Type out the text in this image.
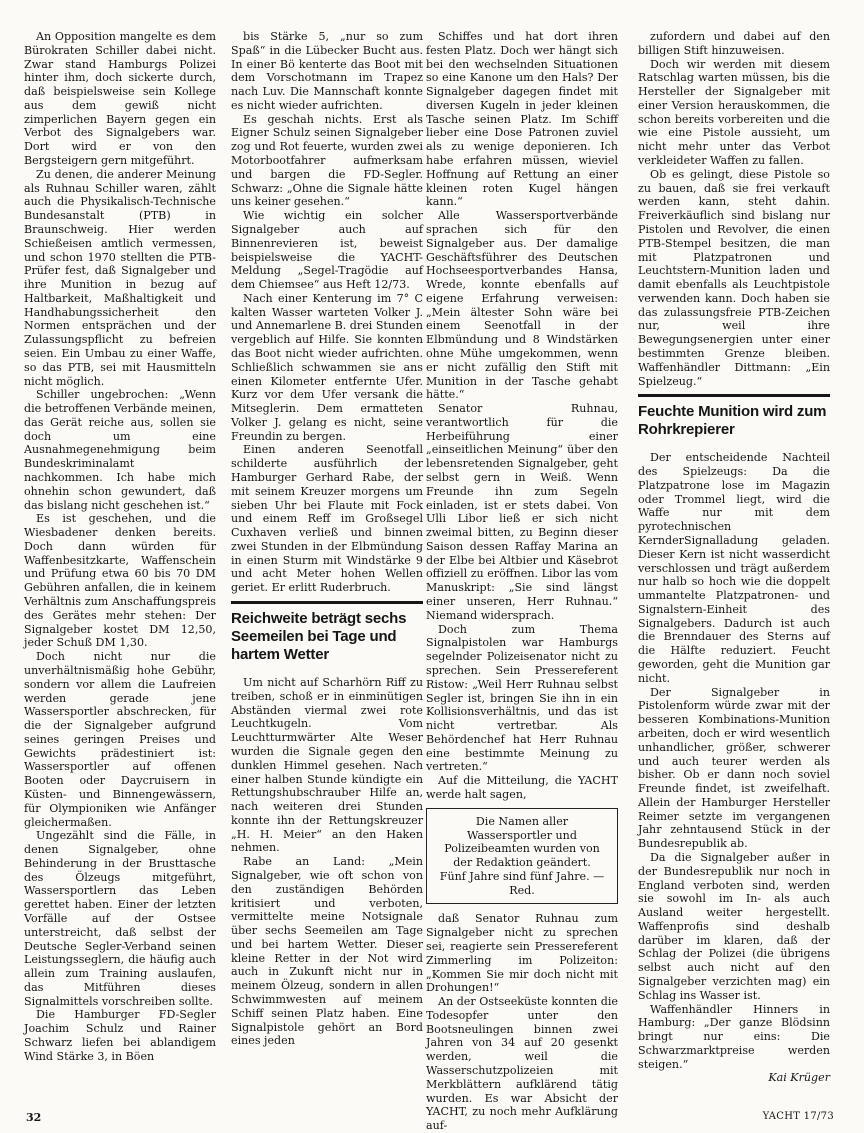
An Opposition mangelte es dem Bürokraten Schiller dabei nicht. Zwar stand Hamburgs Polizei hinter ihm, doch sickerte durch, daß beispielsweise sein Kollege aus dem gewiß nicht zimperlichen Bayern gegen ein Verbot des Signalgebers war. Dort wird er von den Bergsteigern gern mitgeführt.

Zu denen, die anderer Meinung als Ruhnau Schiller waren, zählt auch die Physikalisch-Technische Bundesanstalt (PTB) in Braunschweig. Hier werden Schießeisen amtlich vermessen, und schon 1970 stellten die PTB-Prüfer fest, daß Signalgeber und ihre Munition in bezug auf Haltbarkeit, Maßhaltigkeit und Handhabungssicherheit den Normen entsprächen und der Zulassungspflicht zu befreien seien. Ein Umbau zu einer Waffe, so das PTB, sei mit Hausmitteln nicht möglich.

Schiller ungebrochen: „Wenn die betroffenen Verbände meinen, das Gerät reiche aus, sollen sie doch um eine Ausnahmegenehmigung beim Bundeskriminalamt nachkommen. Ich habe mich ohnehin schon gewundert, daß das bislang nicht geschehen ist.“

Es ist geschehen, und die Wiesbadener denken bereits. Doch dann würden für Waffenbesitzkarte, Waffenschein und Prüfung etwa 60 bis 70 DM Gebühren anfallen, die in keinem Verhältnis zum Anschaffungspreis des Gerätes mehr stehen: Der Signalgeber kostet DM 12,50, jeder Schuß DM 1,30.

Doch nicht nur die unverhältnismäßig hohe Gebühr, sondern vor allem die Laufreien werden gerade jene Wassersportler abschrecken, für die der Signalgeber aufgrund seines geringen Preises und Gewichts prädestiniert ist: Wassersportler auf offenen Booten oder Daycruisern in Küsten- und Binnengewässern, für Olympioniken wie Anfänger gleichermaßen.

Ungezählt sind die Fälle, in denen Signalgeber, ohne Behinderung in der Brusttasche des Ölzeugs mitgeführt, Wassersportlern das Leben gerettet haben. Einer der letzten Vorfälle auf der Ostsee unterstreicht, daß selbst der Deutsche Segler-Verband seinen Leistungsseglern, die häufig auch allein zum Training auslaufen, das Mitführen dieses Signalmittels vorschreiben sollte.

Die Hamburger FD-Segler Joachim Schulz und Rainer Schwarz liefen bei ablandigem Wind Stärke 3, in Böen

bis Stärke 5, „nur so zum Spaß“ in die Lübecker Bucht aus. In einer Bö kenterte das Boot mit dem Vorschotmann im Trapez nach Luv. Die Mannschaft konnte es nicht wieder aufrichten.

Es geschah nichts. Erst als Eigner Schulz seinen Signalgeber zog und Rot feuerte, wurden zwei Motorbootfahrer aufmerksam und bargen die FD-Segler. Schwarz: „Ohne die Signale hätte uns keiner gesehen.“

Wie wichtig ein solcher Signalgeber auch auf Binnenrevieren ist, beweist beispielsweise die YACHT-Meldung „Segel-Tragödie auf dem Chiemsee“ aus Heft 12/73.

Nach einer Kenterung im 7° C kalten Wasser warteten Volker J. und Annemarlene B. drei Stunden vergeblich auf Hilfe. Sie konnten das Boot nicht wieder aufrichten. Schließlich schwammen sie ans einen Kilometer entfernte Ufer. Kurz vor dem Ufer versank die Mitseglerin. Dem ermatteten Volker J. gelang es nicht, seine Freundin zu bergen.

Einen anderen Seenotfall schilderte ausführlich der Hamburger Gerhard Rabe, der mit seinem Kreuzer morgens um sieben Uhr bei Flaute mit Fock und einem Reff im Großsegel Cuxhaven verließ und binnen zwei Stunden in der Elbmündung in einen Sturm mit Windstärke 9 und acht Meter hohen Wellen geriet. Er erlitt Ruderbruch.

Reichweite beträgt sechs Seemeilen bei Tage und hartem Wetter

Um nicht auf Scharhörn Riff zu treiben, schoß er in einminütigen Abständen viermal zwei rote Leuchtkugeln. Vom Leuchtturmwärter Alte Weser wurden die Signale gegen den dunklen Himmel gesehen. Nach einer halben Stunde kündigte ein Rettungshubschrauber Hilfe an, nach weiteren drei Stunden konnte ihn der Rettungskreuzer „H. H. Meier“ an den Haken nehmen.

Rabe an Land: „Mein Signalgeber, wie oft schon von den zuständigen Behörden kritisiert und verboten, vermittelte meine Notsignale über sechs Seemeilen am Tage und bei hartem Wetter. Dieser kleine Retter in der Not wird auch in Zukunft nicht nur in meinem Ölzeug, sondern in allen Schwimmwesten auf meinem Schiff seinen Platz haben. Eine Signalpistole gehört an Bord eines jeden

Schiffes und hat dort ihren festen Platz. Doch wer hängt sich bei den wechselnden Situationen so eine Kanone um den Hals? Der Signalgeber dagegen findet mit diversen Kugeln in jeder kleinen Tasche seinen Platz. Im Schiff lieber eine Dose Patronen zuviel als zu wenige deponieren. Ich habe erfahren müssen, wieviel Hoffnung auf Rettung an einer kleinen roten Kugel hängen kann.“

Alle Wassersportverbände sprachen sich für den Signalgeber aus. Der damalige Geschäftsführer des Deutschen Hochseesportverbandes Hansa, Wrede, konnte ebenfalls auf eigene Erfahrung verweisen: „Mein ältester Sohn wäre bei einem Seenotfall in der Elbmündung und 8 Windstärken ohne Mühe umgekommen, wenn er nicht zufällig den Stift mit Munition in der Tasche gehabt hätte.“

Senator Ruhnau, verantwortlich für die Herbeiführung einer „einseitlichen Meinung“ über den lebensretenden Signalgeber, geht selbst gern in Weiß. Wenn Freunde ihn zum Segeln einladen, ist er stets dabei. Von Ulli Libor ließ er sich nicht zweimal bitten, zu Beginn dieser Saison dessen Raffay Marina an der Elbe bei Altbier und Käsebrot offiziell zu eröffnen. Libor las vom Manuskript: „Sie sind längst einer unseren, Herr Ruhnau.“ Niemand widersprach.

Doch zum Thema Signalpistolen war Hamburgs segelnder Polizeisenator nicht zu sprechen. Sein Pressereferent Ristow: „Weil Herr Ruhnau selbst Segler ist, bringen Sie ihn in ein Kollisionsverhältnis, und das ist nicht vertretbar. Als Behördenchef hat Herr Ruhnau eine bestimmte Meinung zu vertreten.“

Auf die Mitteilung, die YACHT werde halt sagen,

Die Namen aller Wassersportler und Polizeibeamten wurden von der Redaktion geändert. Fünf Jahre sind fünf Jahre. — Red.

daß Senator Ruhnau zum Signalgeber nicht zu sprechen sei, reagierte sein Pressereferent Zimmerling im Polizeiton: „Kommen Sie mir doch nicht mit Drohungen!“

An der Ostseeküste konnten die Todesopfer unter den Bootsneulingen binnen zwei Jahren von 34 auf 20 gesenkt werden, weil die Wasserschutzpolizeien mit Merkblättern aufklärend tätig wurden. Es war Absicht der YACHT, zu noch mehr Aufklärung auf-

zufordern und dabei auf den billigen Stift hinzuweisen.

Doch wir werden mit diesem Ratschlag warten müssen, bis die Hersteller der Signalgeber mit einer Version herauskommen, die schon bereits vorbereiten und die wie eine Pistole aussieht, um nicht mehr unter das Verbot verkleideter Waffen zu fallen.

Ob es gelingt, diese Pistole so zu bauen, daß sie frei verkauft werden kann, steht dahin. Freiverkäuflich sind bislang nur Pistolen und Revolver, die einen PTB-Stempel besitzen, die man mit Platzpatronen und Leuchtstern-Munition laden und damit ebenfalls als Leuchtpistole verwenden kann. Doch haben sie das zulassungsfreie PTB-Zeichen nur, weil ihre Bewegungsenergien unter einer bestimmten Grenze bleiben. Waffenhändler Dittmann: „Ein Spielzeug.“

Feuchte Munition wird zum Rohrkrepierer

Der entscheidende Nachteil des Spielzeugs: Da die Platzpatrone lose im Magazin oder Trommel liegt, wird die Waffe nur mit dem pyrotechnischen KernderSignalladung geladen. Dieser Kern ist nicht wasserdicht verschlossen und trägt außerdem nur halb so hoch wie die doppelt ummantelte Platzpatronen- und Signalstern-Einheit des Signalgebers. Dadurch ist auch die Brenndauer des Sterns auf die Hälfte reduziert. Feucht geworden, geht die Munition gar nicht.

Der Signalgeber in Pistolenform würde zwar mit der besseren Kombinations-Munition arbeiten, doch er wird wesentlich unhandlicher, größer, schwerer und auch teurer werden als bisher. Ob er dann noch soviel Freunde findet, ist zweifelhaft. Allein der Hamburger Hersteller Reimer setzte im vergangenen Jahr zehntausend Stück in der Bundesrepublik ab.

Da die Signalgeber außer in der Bundesrepublik nur noch in England verboten sind, werden sie sowohl im In- als auch Ausland weiter hergestellt. Waffenprofis sind deshalb darüber im klaren, daß der Schlag der Polizei (die übrigens selbst auch nicht auf den Signalgeber verzichten mag) ein Schlag ins Wasser ist.

Waffenhändler Hinners in Hamburg: „Der ganze Blödsinn bringt nur eins: Die Schwarzmarktpreise werden steigen.“

Kai Krüger

32	YACHT 17/73
